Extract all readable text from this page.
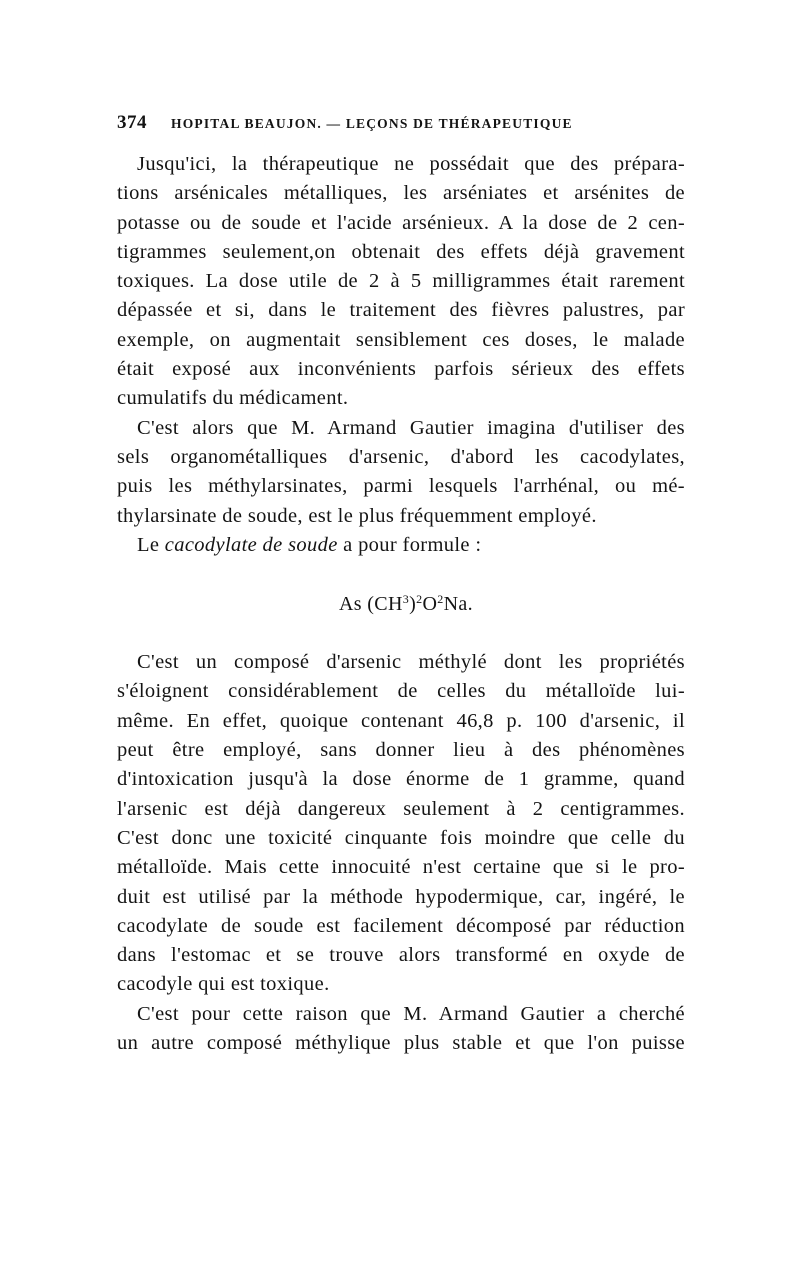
374 HOPITAL BEAUJON. — LEÇONS DE THÉRAPEUTIQUE
Jusqu'ici, la thérapeutique ne possédait que des prépara-
tions arsénicales métalliques, les arséniates et arsénites de
potasse ou de soude et l'acide arsénieux. A la dose de 2 cen-
tigrammes seulement,on obtenait des effets déjà gravement
toxiques. La dose utile de 2 à 5 milligrammes était rarement
dépassée et si, dans le traitement des fièvres palustres, par
exemple, on augmentait sensiblement ces doses, le malade
était exposé aux inconvénients parfois sérieux des effets
cumulatifs du médicament.
C'est alors que M. Armand Gautier imagina d'utiliser des
sels organométalliques d'arsenic, d'abord les cacodylates,
puis les méthylarsinates, parmi lesquels l'arrhénal, ou mé-
thylarsinate de soude, est le plus fréquemment employé.
Le cacodylate de soude a pour formule :
As $(CH^3)^2O^2Na$.
C'est un composé d'arsenic méthylé dont les propriétés
s'éloignent considérablement de celles du métalloïde lui-
même. En effet, quoique contenant 46,8 p. 100 d'arsenic, il
peut être employé, sans donner lieu à des phénomènes
d'intoxication jusqu'à la dose énorme de 1 gramme, quand
l'arsenic est déjà dangereux seulement à 2 centigrammes.
C'est donc une toxicité cinquante fois moindre que celle du
métalloïde. Mais cette innocuité n'est certaine que si le pro-
duit est utilisé par la méthode hypodermique, car, ingéré, le
cacodylate de soude est facilement décomposé par réduction
dans l'estomac et se trouve alors transformé en oxyde de
cacodyle qui est toxique.
C'est pour cette raison que M. Armand Gautier a cherché
un autre composé méthylique plus stable et que l'on puisse
